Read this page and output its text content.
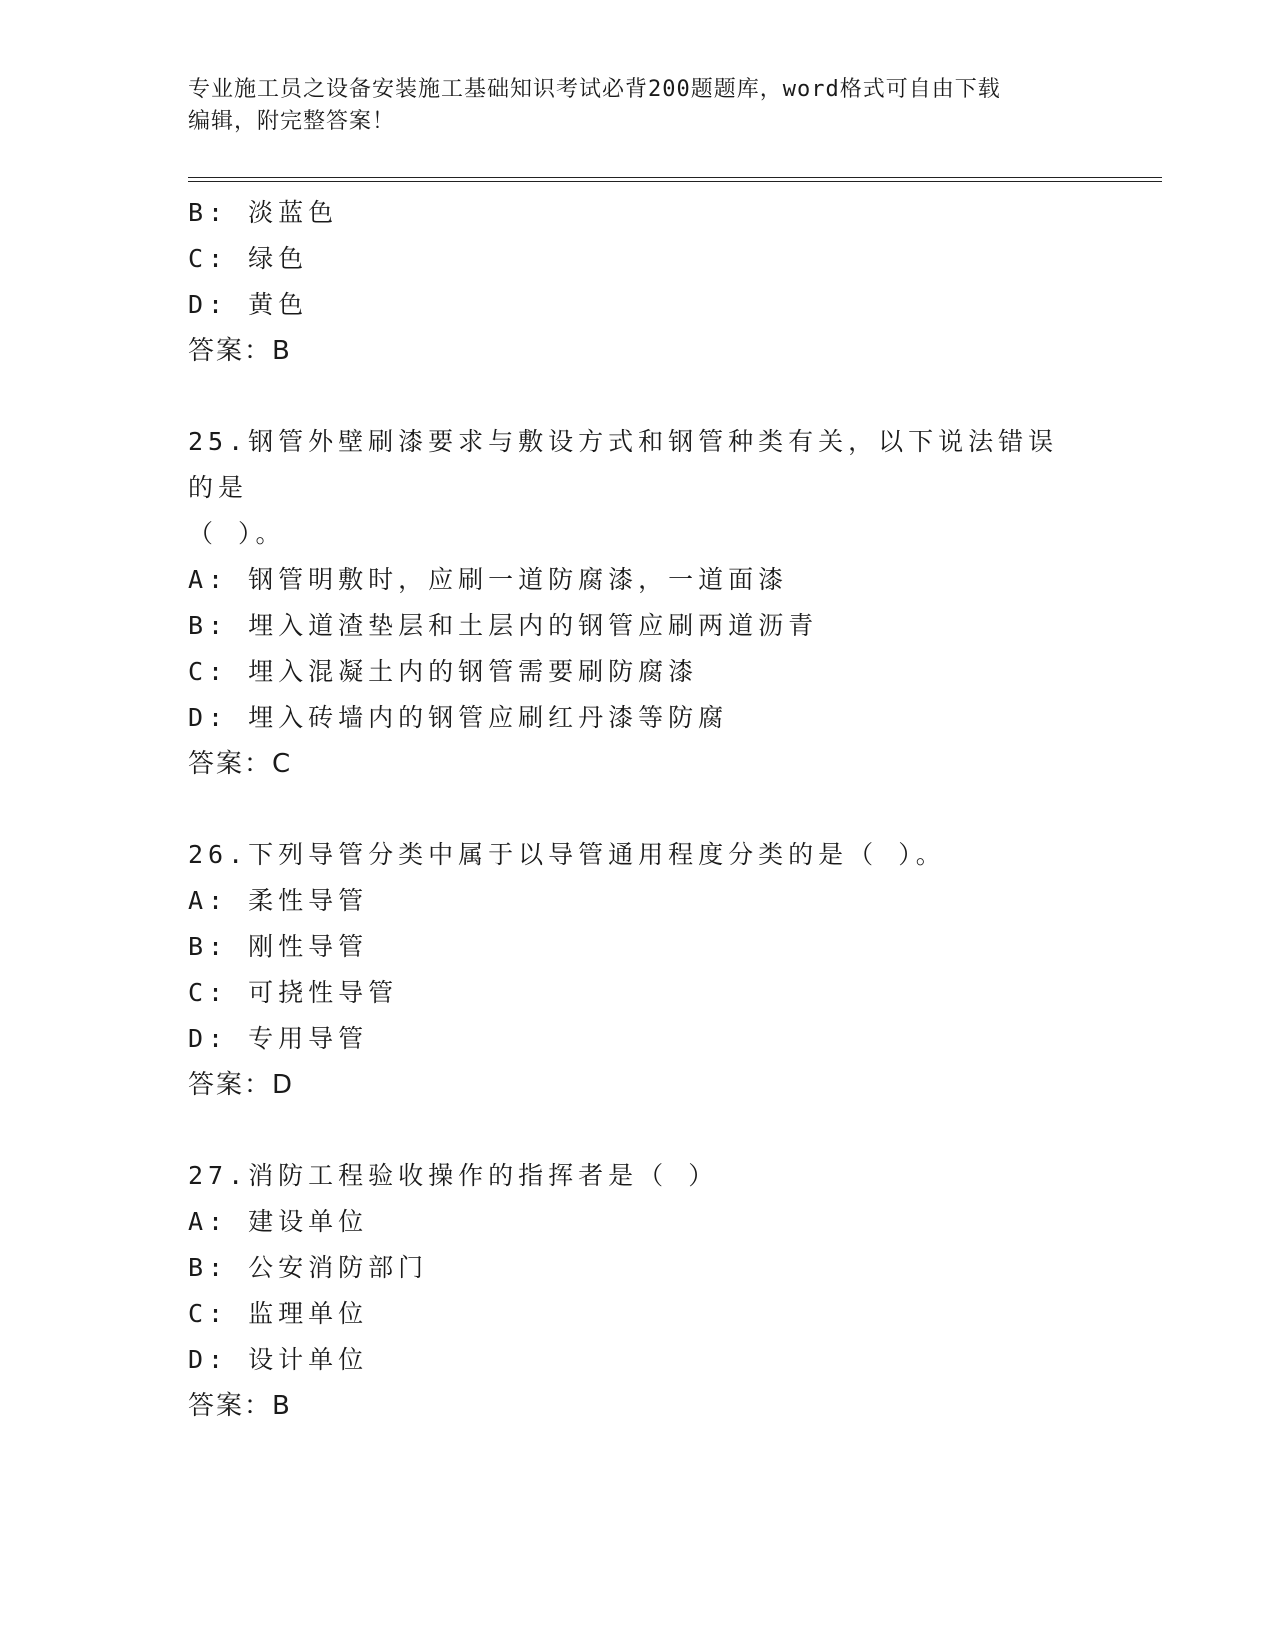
专业施工员之设备安装施工基础知识考试必背200题题库，word格式可自由下载
编辑，附完整答案！
B: 淡蓝色
C: 绿色
D: 黄色
答案：B
25.钢管外壁刷漆要求与敷设方式和钢管种类有关，以下说法错误的是
（ ）。
A: 钢管明敷时，应刷一道防腐漆，一道面漆
B: 埋入道渣垫层和土层内的钢管应刷两道沥青
C: 埋入混凝土内的钢管需要刷防腐漆
D: 埋入砖墙内的钢管应刷红丹漆等防腐
答案：C
26.下列导管分类中属于以导管通用程度分类的是（ ）。
A: 柔性导管
B: 刚性导管
C: 可挠性导管
D: 专用导管
答案：D
27.消防工程验收操作的指挥者是（ ）
A: 建设单位
B: 公安消防部门
C: 监理单位
D: 设计单位
答案：B
